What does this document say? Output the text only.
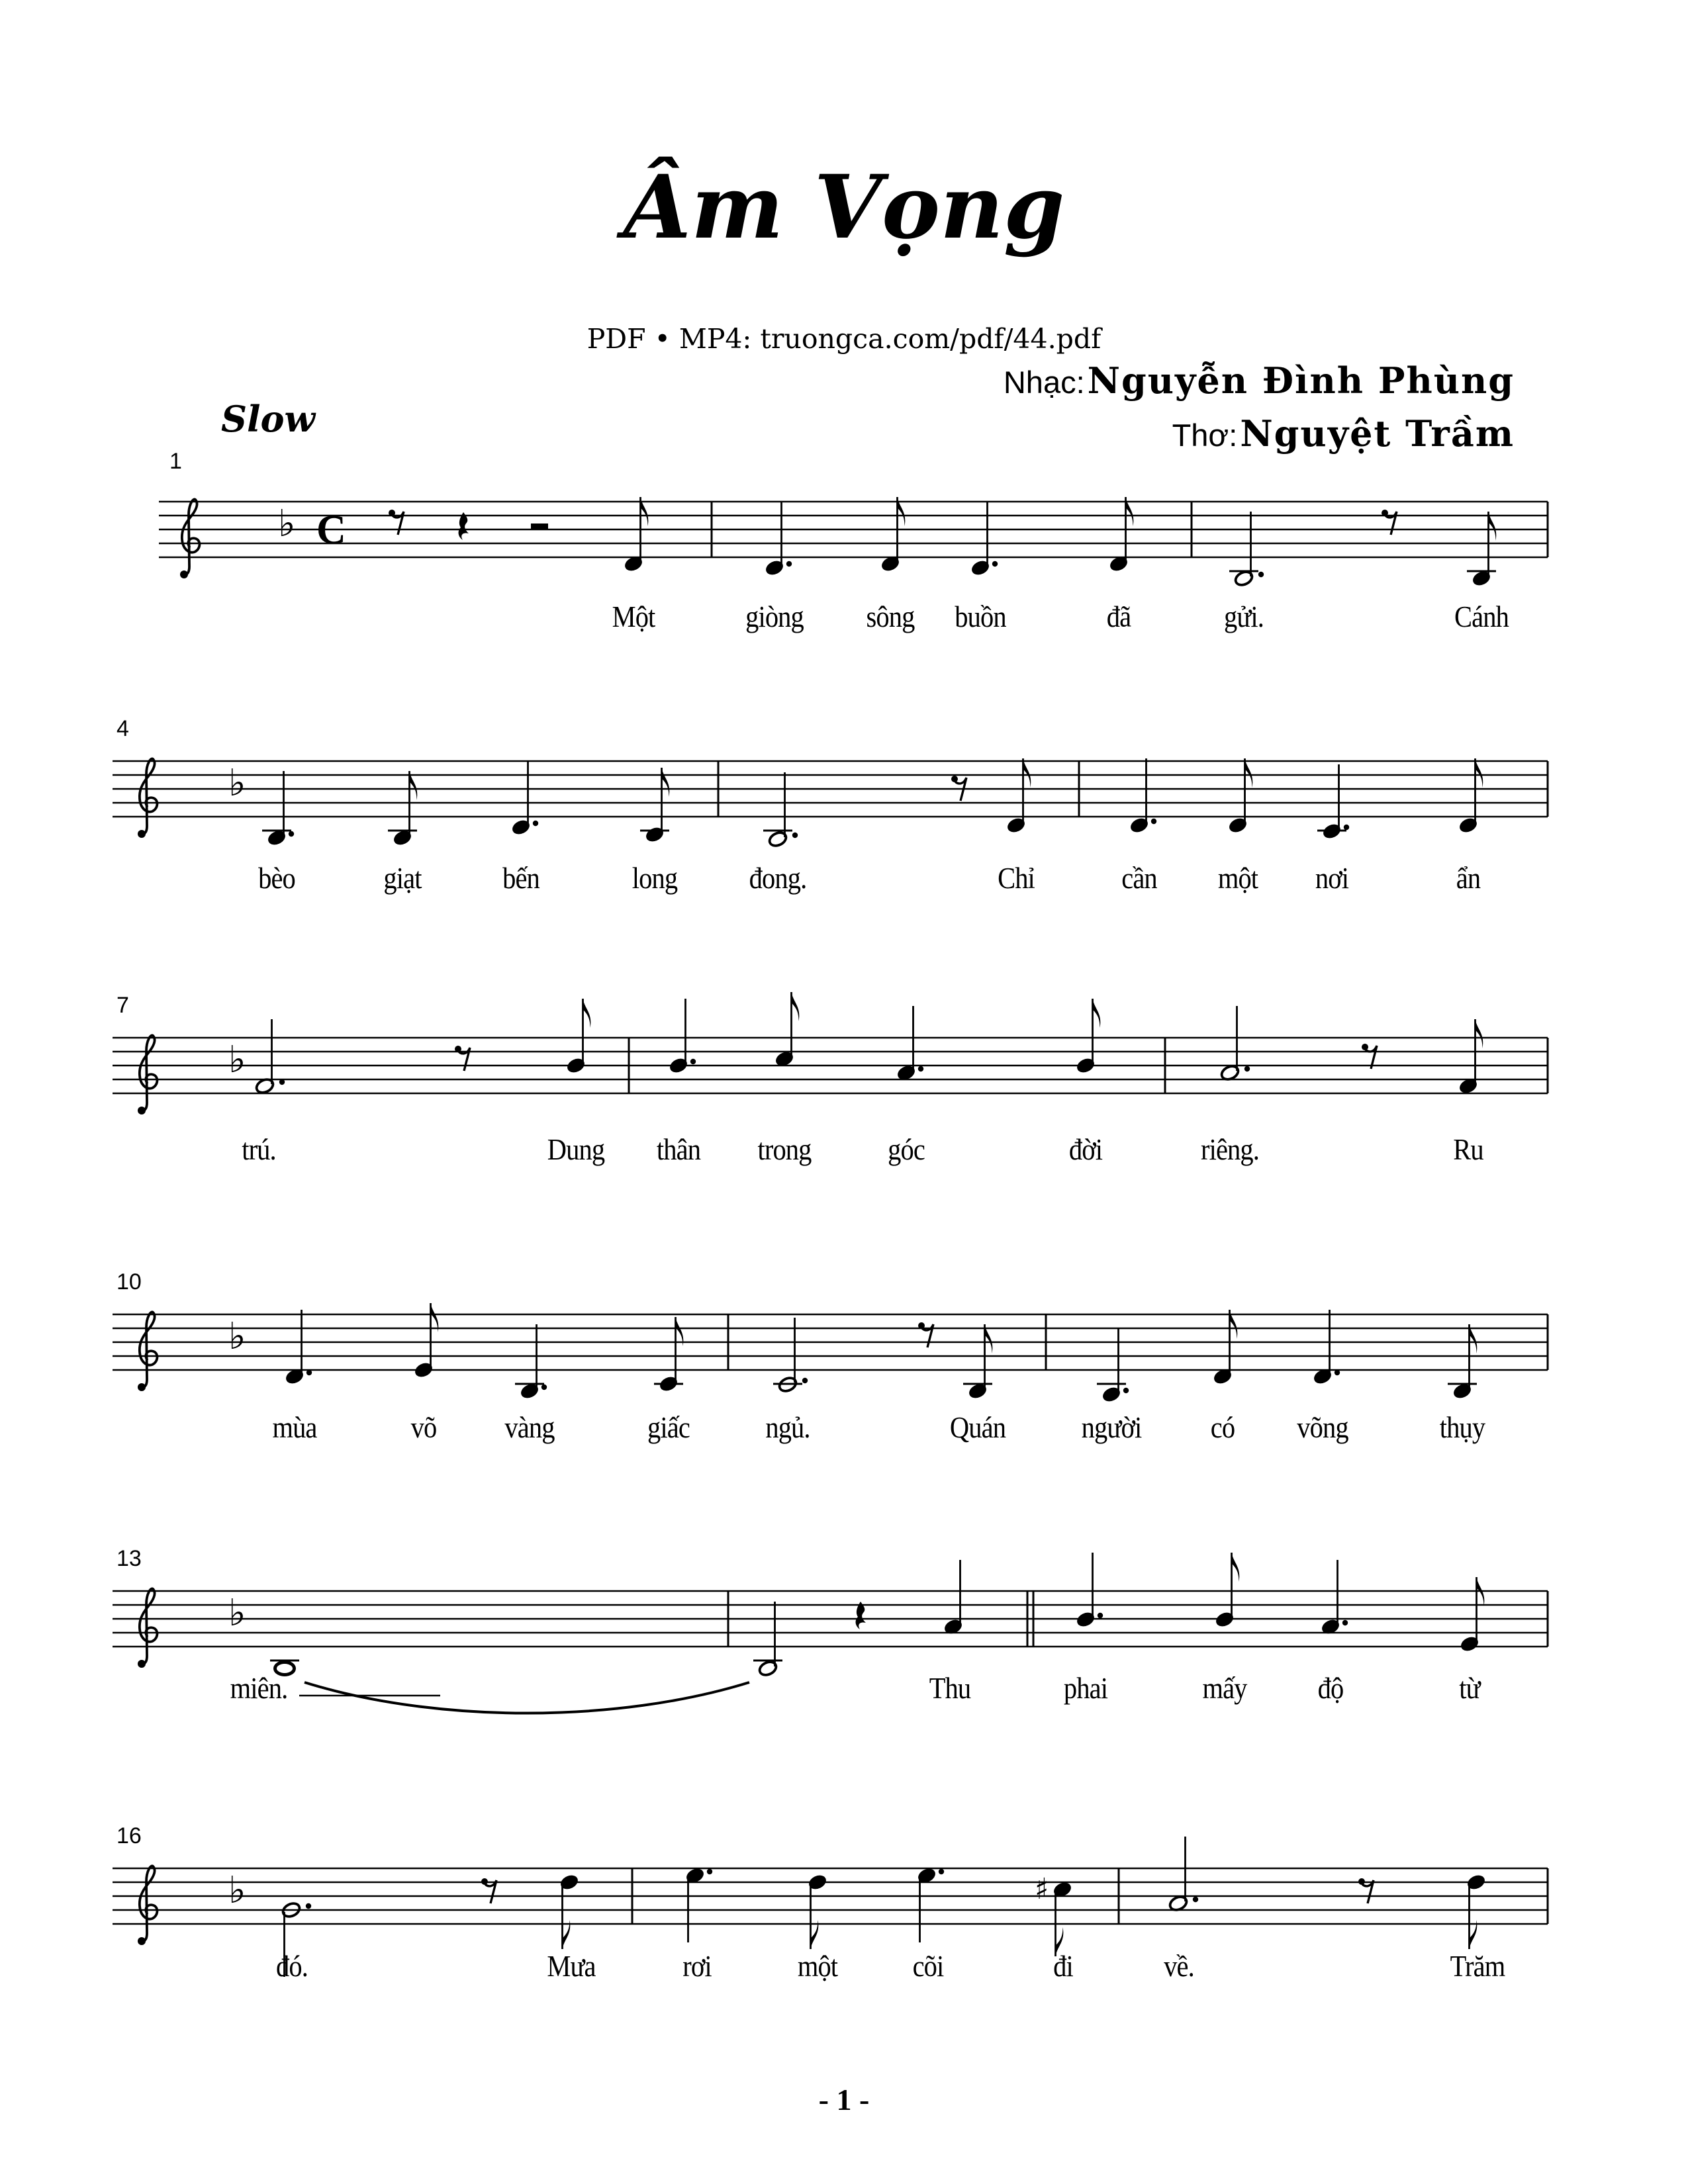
Âm Vọng
PDF • MP4: truongca.com/pdf/44.pdf
Nhạc: Nguyễn Đình Phùng
Thơ: Nguyệt Trầm
Slow
1
♭ C
4
♭
7
♭
10
♭
13
♭
16
♭	♯
Một	giòng sông buồn	đã	gửi.	Cánh
bèo	giạt	bến	long đong.	Chỉ	cần một nơi	ẩn
trú.	Dung thân trong	góc	đời	riêng.	Ru
mùa	võ vàng	giấc ngủ.	Quán người có võng	thụy
miên.	Thu	phai	mấy độ	từ
đó.	Mưa	rơi	một cõi	đi	về.	Trăm
- 1 -
